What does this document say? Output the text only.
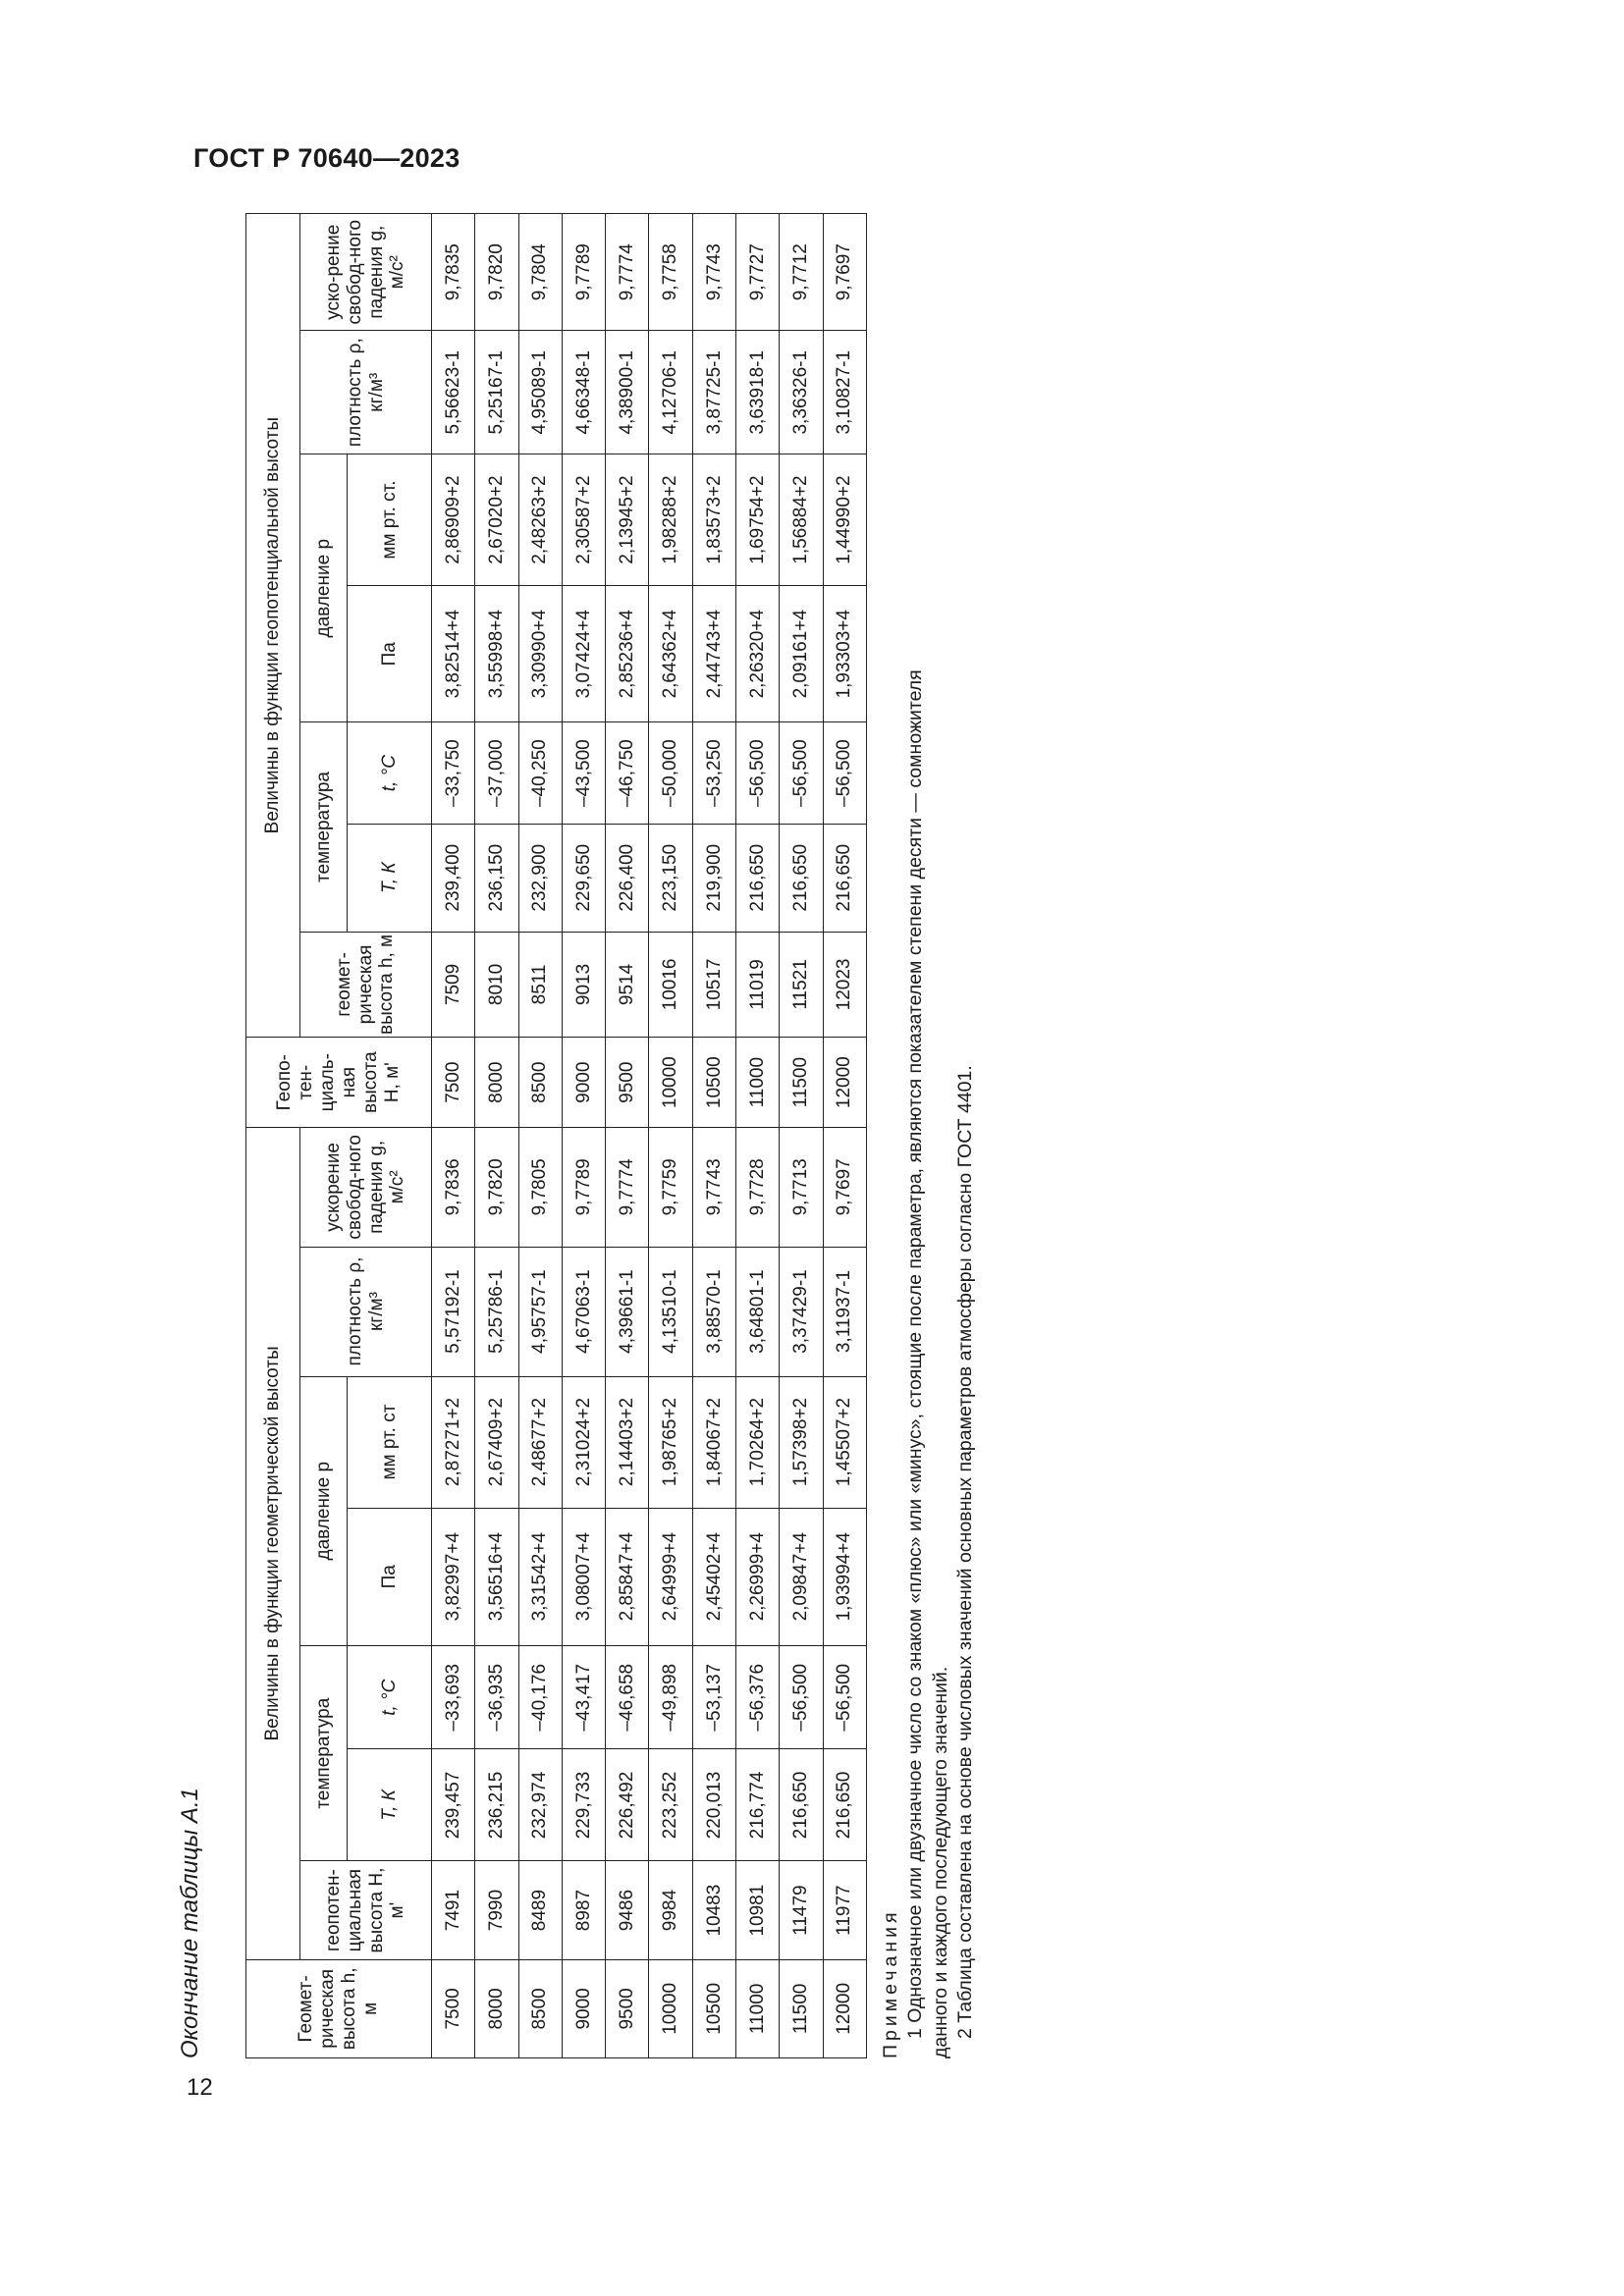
ГОСТ Р 70640—2023
12
Окончание таблицы А.1	Геомет-рическая высота h, м	Величины в функции геометрической высоты							Геопо-тен-циаль-ная высота H, м'	Величины в функции геопотенциальной высоты						
	геопотен-циальная высота H, м'	температура		давление p		плотность ρ, кг/м³	ускорение свобод-ного падения g, м/с²		геомет-рическая высота h, м	температура		давление p		плотность ρ, кг/м³	уско-рение свобод-ного падения g, м/с²
		T, К	t, °С	Па	мм рт. ст					T, К	t, °С	Па	мм рт. ст.		

7500	7491	239,457	–33,693	3,82997+4	2,87271+2	5,57192-1	9,7836	7500	7509	239,400	–33,750	3,82514+4	2,86909+2	5,56623-1	9,7835
8000	7990	236,215	–36,935	3,56516+4	2,67409+2	5,25786-1	9,7820	8000	8010	236,150	–37,000	3,55998+4	2,67020+2	5,25167-1	9,7820
8500	8489	232,974	–40,176	3,31542+4	2,48677+2	4,95757-1	9,7805	8500	8511	232,900	–40,250	3,30990+4	2,48263+2	4,95089-1	9,7804
9000	8987	229,733	–43,417	3,08007+4	2,31024+2	4,67063-1	9,7789	9000	9013	229,650	–43,500	3,07424+4	2,30587+2	4,66348-1	9,7789
9500	9486	226,492	–46,658	2,85847+4	2,14403+2	4,39661-1	9,7774	9500	9514	226,400	–46,750	2,85236+4	2,13945+2	4,38900-1	9,7774
10000	9984	223,252	–49,898	2,64999+4	1,98765+2	4,13510-1	9,7759	10000	10016	223,150	–50,000	2,64362+4	1,98288+2	4,12706-1	9,7758
10500	10483	220,013	–53,137	2,45402+4	1,84067+2	3,88570-1	9,7743	10500	10517	219,900	–53,250	2,44743+4	1,83573+2	3,87725-1	9,7743
11000	10981	216,774	–56,376	2,26999+4	1,70264+2	3,64801-1	9,7728	11000	11019	216,650	–56,500	2,26320+4	1,69754+2	3,63918-1	9,7727
11500	11479	216,650	–56,500	2,09847+4	1,57398+2	3,37429-1	9,7713	11500	11521	216,650	–56,500	2,09161+4	1,56884+2	3,36326-1	9,7712
12000	11977	216,650	–56,500	1,93994+4	1,45507+2	3,11937-1	9,7697	12000	12023	216,650	–56,500	1,93303+4	1,44990+2	3,10827-1	9,7697
Примечания 1 Однозначное или двузначное число со знаком «плюс» или «минус», стоящие после параметра, являются показателем степени десяти — сомножителя данного и каждого последующего значений. 2 Таблица составлена на основе числовых значений основных параметров атмосферы согласно ГОСТ 4401.
